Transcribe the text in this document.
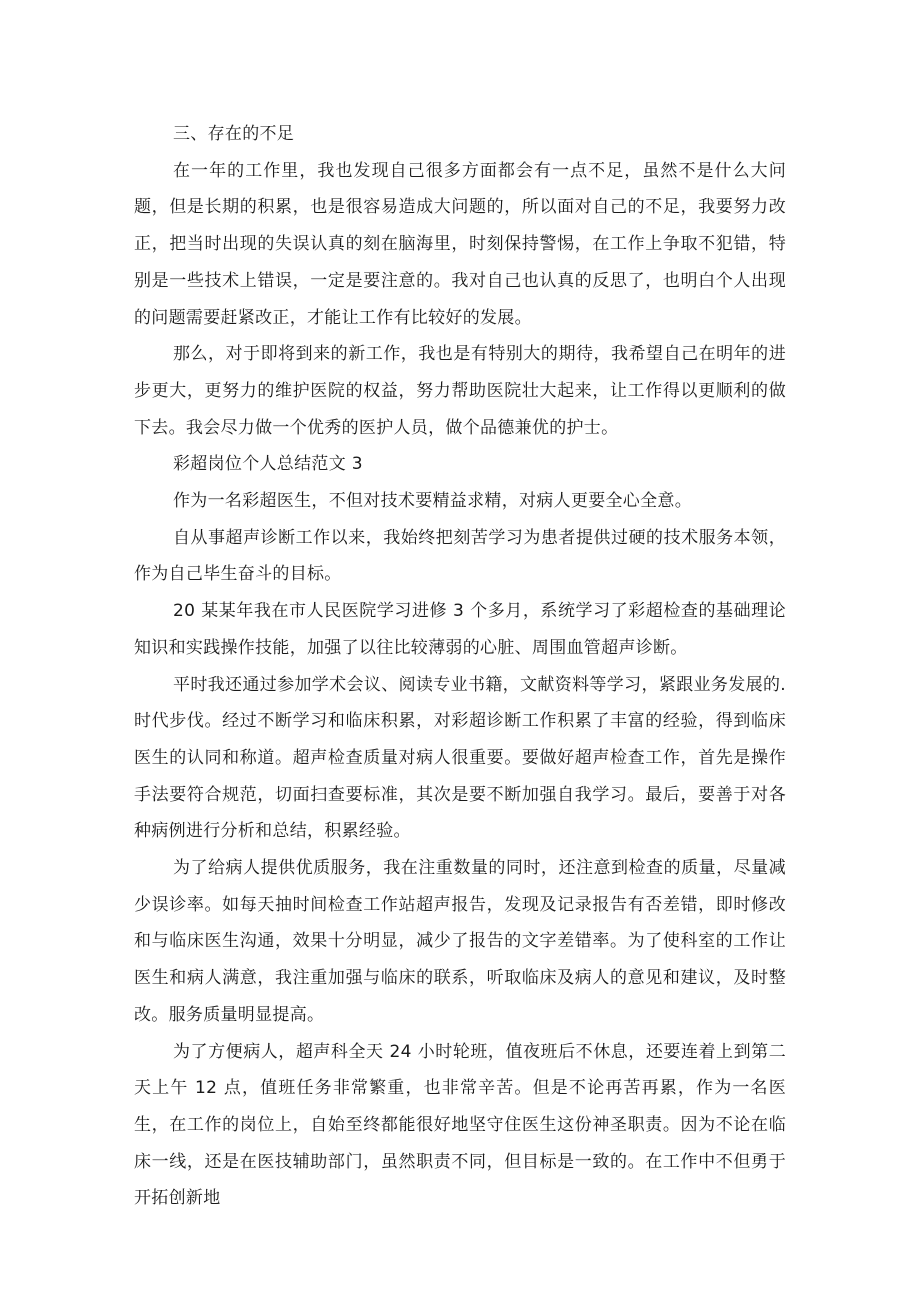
三、存在的不足

在一年的工作里，我也发现自己很多方面都会有一点不足，虽然不是什么大问题，但是长期的积累，也是很容易造成大问题的，所以面对自己的不足，我要努力改正，把当时出现的失误认真的刻在脑海里，时刻保持警惕，在工作上争取不犯错，特别是一些技术上错误，一定是要注意的。我对自己也认真的反思了，也明白个人出现的问题需要赶紧改正，才能让工作有比较好的发展。

那么，对于即将到来的新工作，我也是有特别大的期待，我希望自己在明年的进步更大，更努力的维护医院的权益，努力帮助医院壮大起来，让工作得以更顺利的做下去。我会尽力做一个优秀的医护人员，做个品德兼优的护士。

彩超岗位个人总结范文 3

作为一名彩超医生，不但对技术要精益求精，对病人更要全心全意。

自从事超声诊断工作以来，我始终把刻苦学习为患者提供过硬的技术服务本领，作为自己毕生奋斗的目标。

20 某某年我在市人民医院学习进修 3 个多月，系统学习了彩超检查的基础理论知识和实践操作技能，加强了以往比较薄弱的心脏、周围血管超声诊断。

平时我还通过参加学术会议、阅读专业书籍，文献资料等学习，紧跟业务发展的.时代步伐。经过不断学习和临床积累，对彩超诊断工作积累了丰富的经验，得到临床医生的认同和称道。超声检查质量对病人很重要。要做好超声检查工作，首先是操作手法要符合规范，切面扫查要标准，其次是要不断加强自我学习。最后，要善于对各种病例进行分析和总结，积累经验。

为了给病人提供优质服务，我在注重数量的同时，还注意到检查的质量，尽量减少误诊率。如每天抽时间检查工作站超声报告，发现及记录报告有否差错，即时修改和与临床医生沟通，效果十分明显，减少了报告的文字差错率。为了使科室的工作让医生和病人满意，我注重加强与临床的联系，听取临床及病人的意见和建议，及时整改。服务质量明显提高。

为了方便病人，超声科全天 24 小时轮班，值夜班后不休息，还要连着上到第二天上午 12 点，值班任务非常繁重，也非常辛苦。但是不论再苦再累，作为一名医生，在工作的岗位上，自始至终都能很好地坚守住医生这份神圣职责。因为不论在临床一线，还是在医技辅助部门，虽然职责不同，但目标是一致的。在工作中不但勇于开拓创新地
